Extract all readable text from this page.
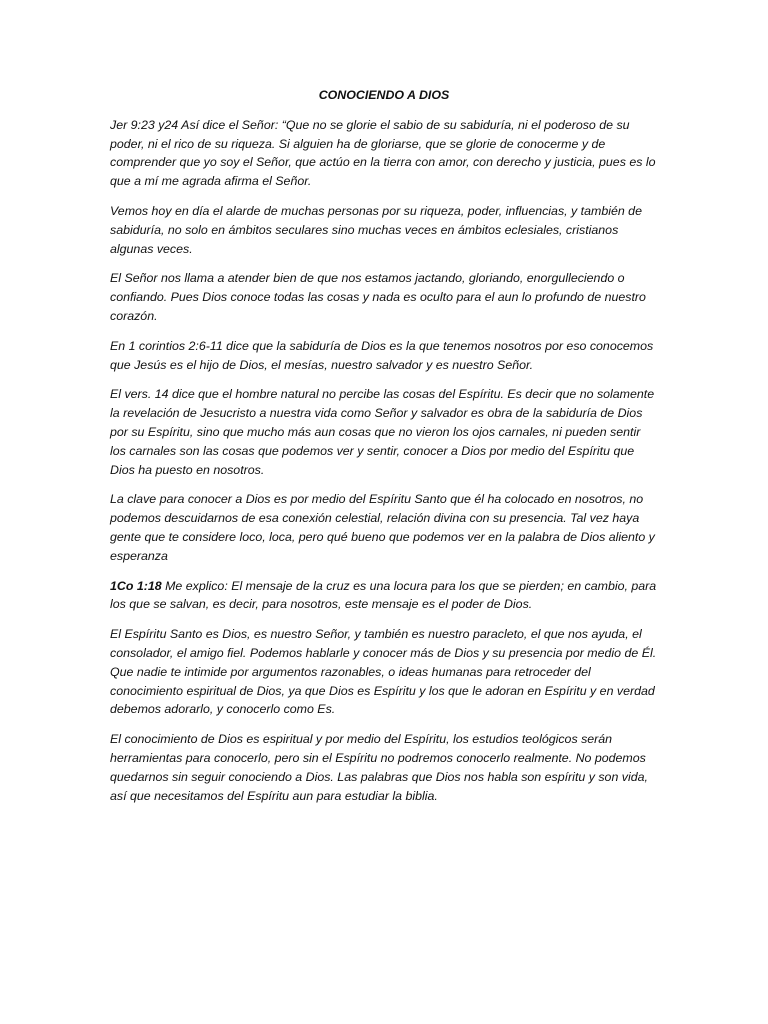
CONOCIENDO A DIOS

Jer 9:23 y24 Así dice el Señor: “Que no se glorie el sabio de su sabiduría, ni el poderoso de su poder, ni el rico de su riqueza. Si alguien ha de gloriarse, que se glorie de conocerme y de comprender que yo soy el Señor, que actúo en la tierra con amor, con derecho y justicia, pues es lo que a mí me agrada afirma el Señor.

Vemos hoy en día el alarde de muchas personas por su riqueza, poder, influencias, y también de sabiduría, no solo en ámbitos seculares sino muchas veces en ámbitos eclesiales, cristianos algunas veces.

El Señor nos llama a atender bien de que nos estamos jactando, gloriando, enorgulleciendo o confiando. Pues Dios conoce todas las cosas y nada es oculto para el aun lo profundo de nuestro corazón.

En 1 corintios 2:6-11 dice que la sabiduría de Dios es la que tenemos nosotros por eso conocemos que Jesús es el hijo de Dios, el mesías, nuestro salvador y es nuestro Señor.

El vers. 14 dice que el hombre natural no percibe las cosas del Espíritu. Es decir que no solamente la revelación de Jesucristo a nuestra vida como Señor y salvador es obra de la sabiduría de Dios por su Espíritu, sino que mucho más aun cosas que no vieron los ojos carnales, ni pueden sentir los carnales son las cosas que podemos ver y sentir, conocer a Dios por medio del Espíritu que Dios ha puesto en nosotros.

La clave para conocer a Dios es por medio del Espíritu Santo que él ha colocado en nosotros, no podemos descuidarnos de esa conexión celestial, relación divina con su presencia. Tal vez haya gente que te considere loco, loca, pero qué bueno que podemos ver en la palabra de Dios aliento y esperanza

1Co 1:18 Me explico: El mensaje de la cruz es una locura para los que se pierden; en cambio, para los que se salvan, es decir, para nosotros, este mensaje es el poder de Dios.

El Espíritu Santo es Dios, es nuestro Señor, y también es nuestro paracleto, el que nos ayuda, el consolador, el amigo fiel. Podemos hablarle y conocer más de Dios y su presencia por medio de Él. Que nadie te intimide por argumentos razonables, o ideas humanas para retroceder del conocimiento espiritual de Dios, ya que Dios es Espíritu y los que le adoran en Espíritu y en verdad debemos adorarlo, y conocerlo como Es.

El conocimiento de Dios es espiritual y por medio del Espíritu, los estudios teológicos serán herramientas para conocerlo, pero sin el Espíritu no podremos conocerlo realmente. No podemos quedarnos sin seguir conociendo a Dios. Las palabras que Dios nos habla son espíritu y son vida, así que necesitamos del Espíritu aun para estudiar la biblia.
